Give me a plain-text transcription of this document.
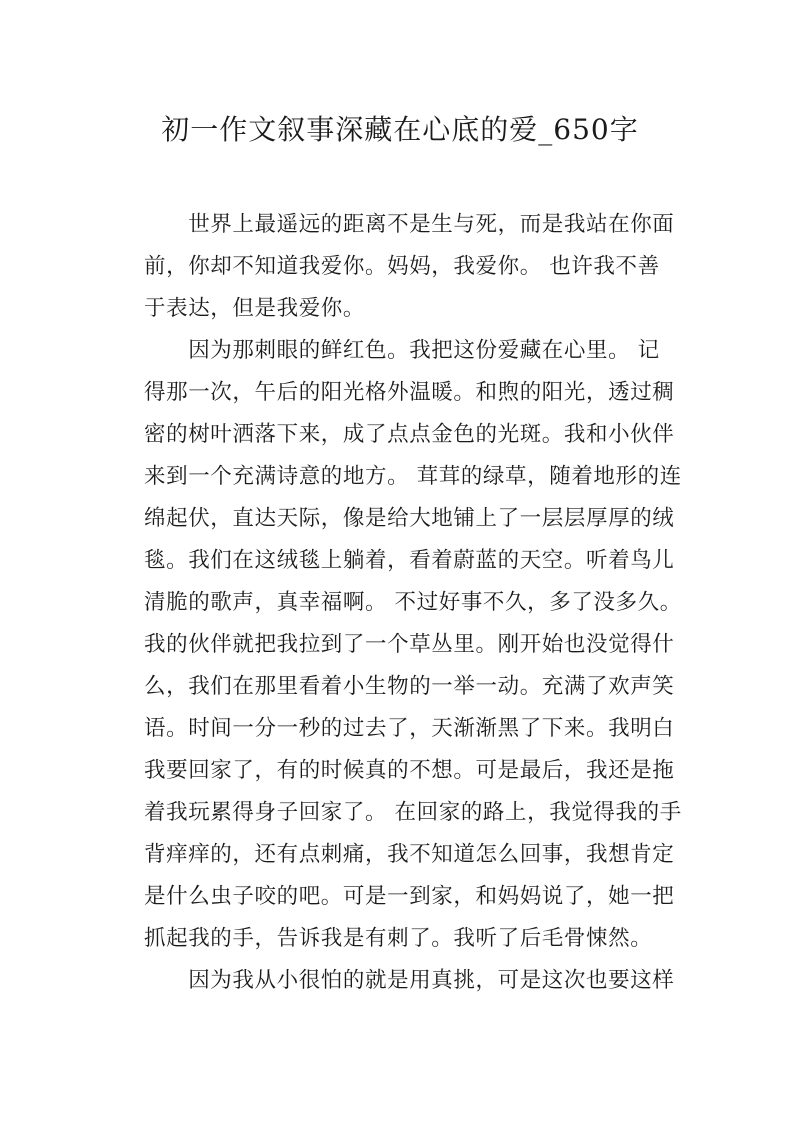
初一作文叙事深藏在心底的爱_650字
　　世界上最遥远的距离不是生与死，而是我站在你面
前，你却不知道我爱你。妈妈，我爱你。 也许我不善
于表达，但是我爱你。
　　因为那刺眼的鲜红色。我把这份爱藏在心里。 记
得那一次，午后的阳光格外温暖。和煦的阳光，透过稠
密的树叶洒落下来，成了点点金色的光斑。我和小伙伴
来到一个充满诗意的地方。 茸茸的绿草，随着地形的连
绵起伏，直达天际，像是给大地铺上了一层层厚厚的绒
毯。我们在这绒毯上躺着，看着蔚蓝的天空。听着鸟儿
清脆的歌声，真幸福啊。 不过好事不久，多了没多久。
我的伙伴就把我拉到了一个草丛里。刚开始也没觉得什
么，我们在那里看着小生物的一举一动。充满了欢声笑
语。时间一分一秒的过去了，天渐渐黑了下来。我明白
我要回家了，有的时候真的不想。可是最后，我还是拖
着我玩累得身子回家了。 在回家的路上，我觉得我的手
背痒痒的，还有点刺痛，我不知道怎么回事，我想肯定
是什么虫子咬的吧。可是一到家，和妈妈说了，她一把
抓起我的手，告诉我是有刺了。我听了后毛骨悚然。
　　因为我从小很怕的就是用真挑，可是这次也要这样
